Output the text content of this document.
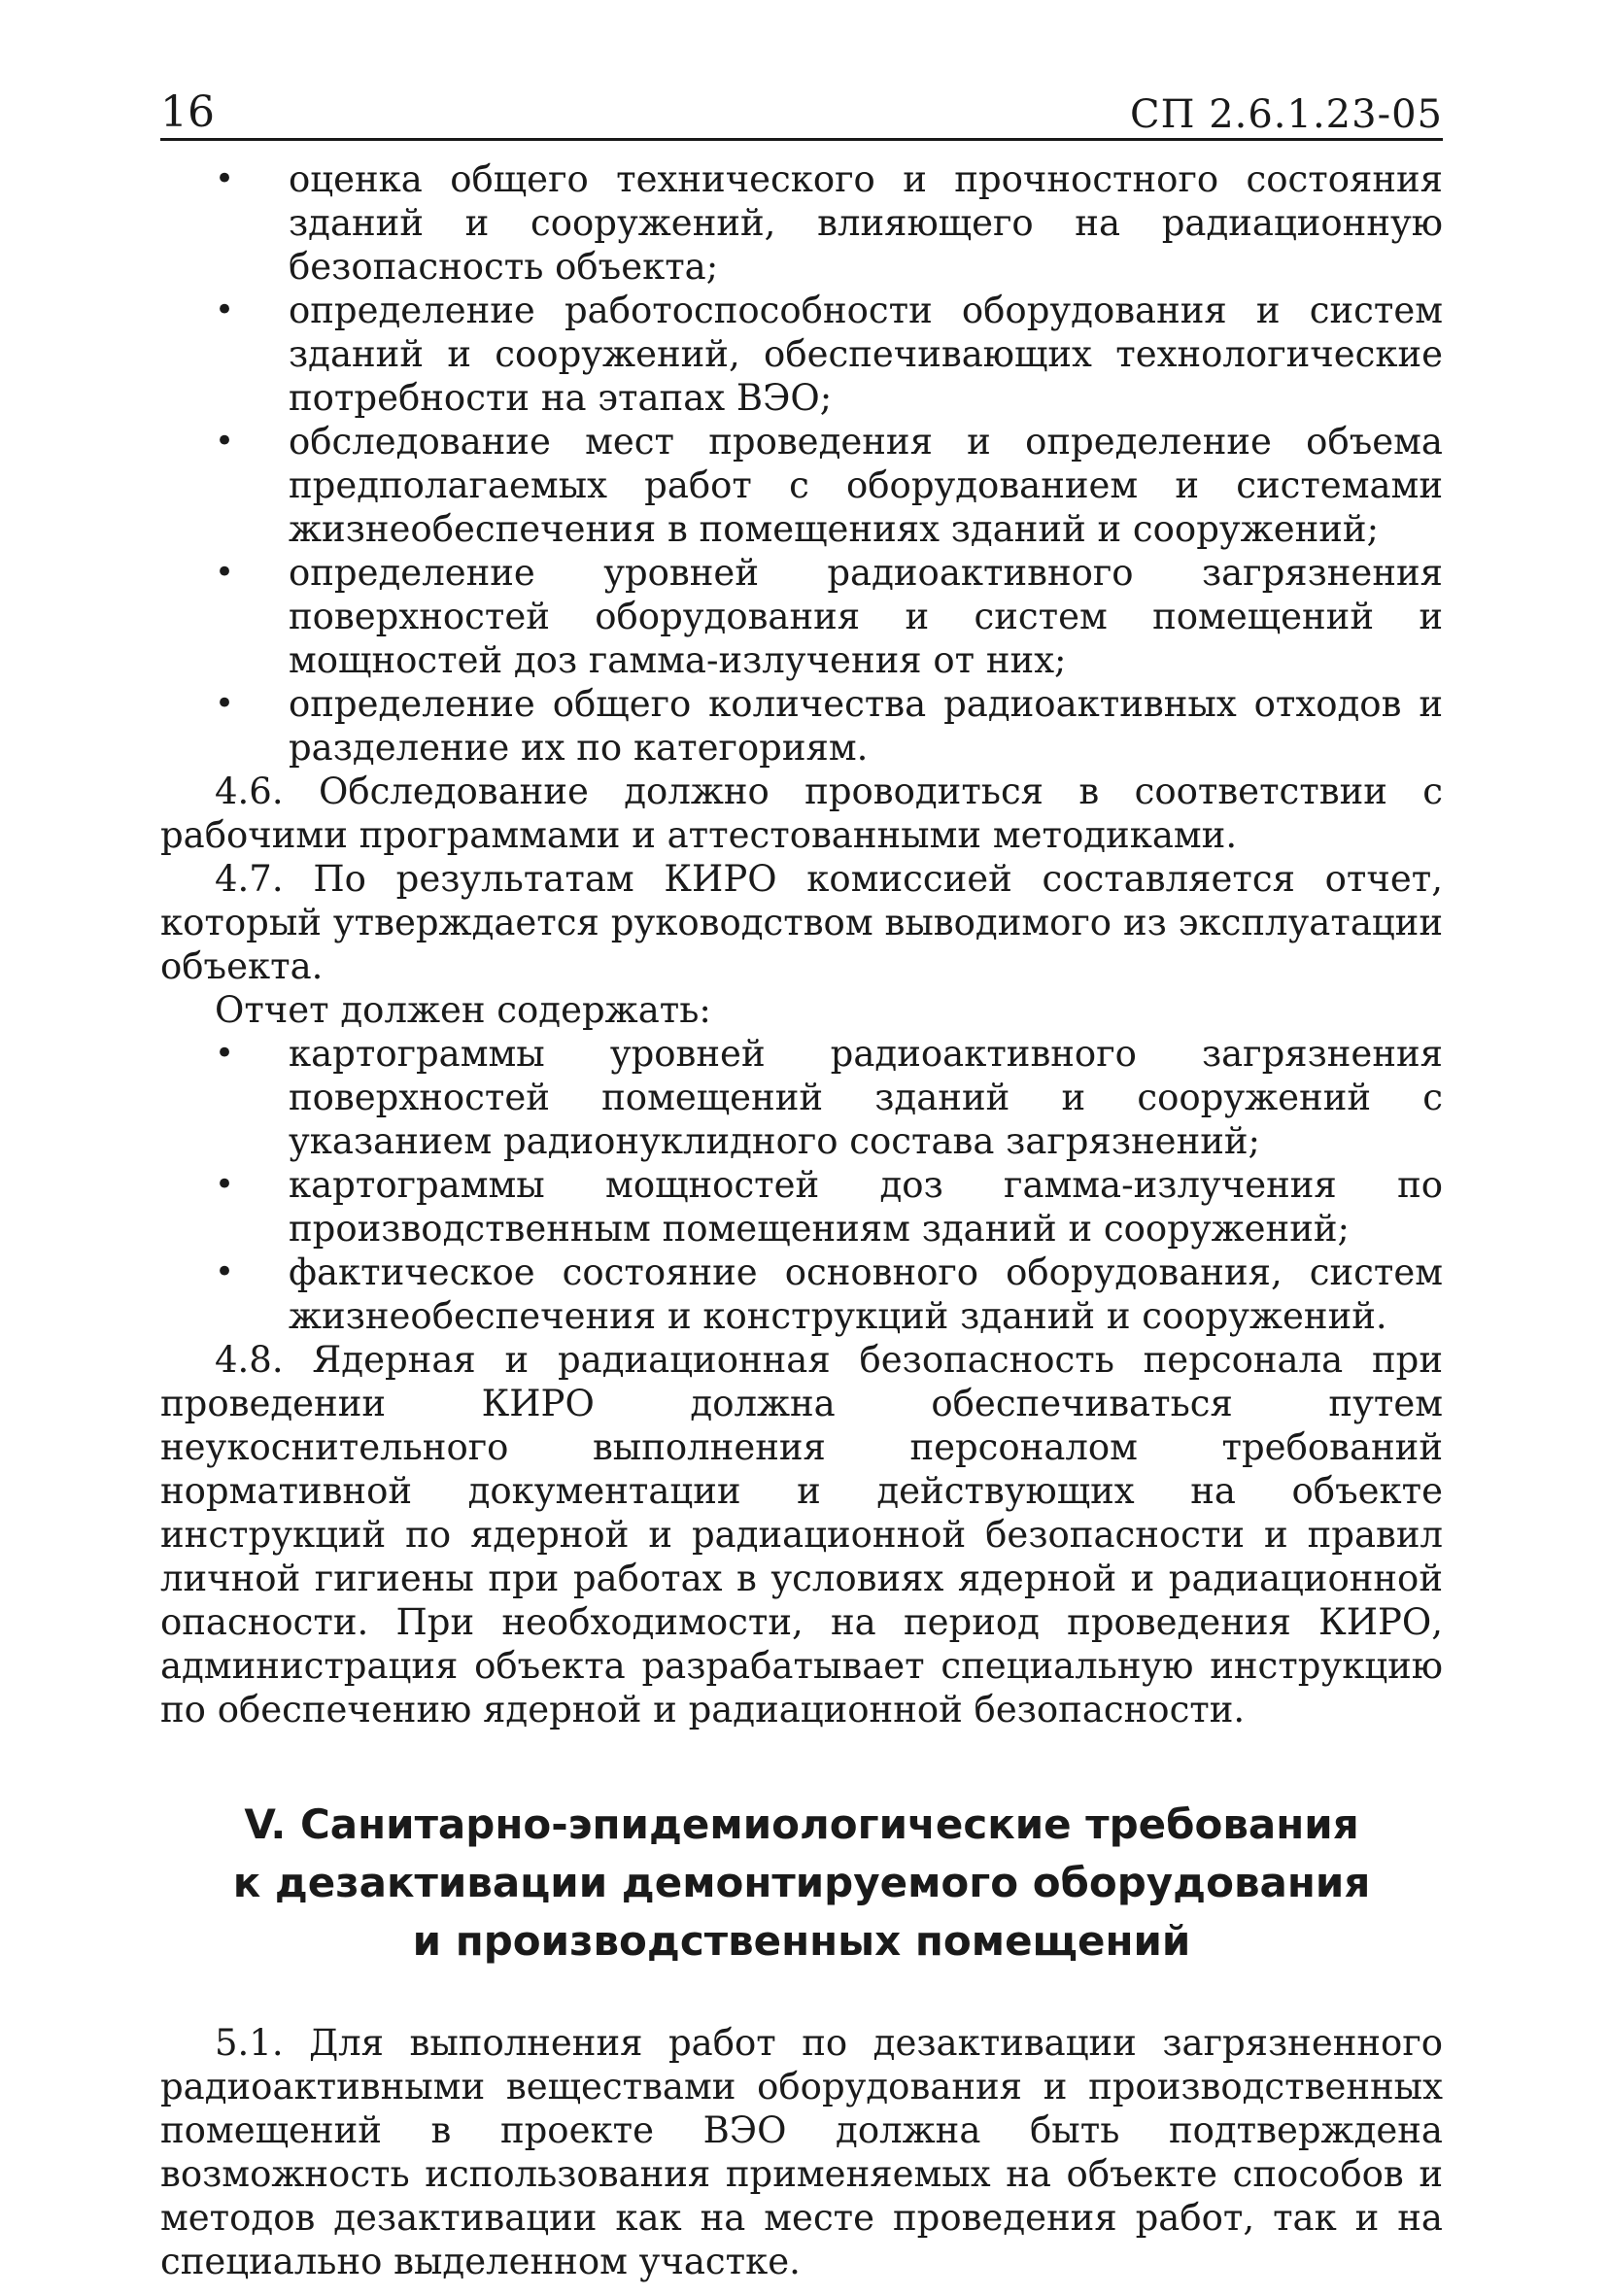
16	СП 2.6.1.23-05
• оценка общего технического и прочностного состояния зданий и сооружений, влияющего на радиационную безопасность объекта;
• определение работоспособности оборудования и систем зданий и сооружений, обеспечивающих технологические потребности на этапах ВЭО;
• обследование мест проведения и определение объема предполагаемых работ с оборудованием и системами жизнеобеспечения в помещениях зданий и сооружений;
• определение уровней радиоактивного загрязнения поверхностей оборудования и систем помещений и мощностей доз гамма-излучения от них;
• определение общего количества радиоактивных отходов и разделение их по категориям.

4.6. Обследование должно проводиться в соответствии с рабочими программами и аттестованными методиками.

4.7. По результатам КИРО комиссией составляется отчет, который утверждается руководством выводимого из эксплуатации объекта.

Отчет должен содержать:

• картограммы уровней радиоактивного загрязнения поверхностей помещений зданий и сооружений с указанием радионуклидного состава загрязнений;
• картограммы мощностей доз гамма-излучения по производственным помещениям зданий и сооружений;
• фактическое состояние основного оборудования, систем жизнеобеспечения и конструкций зданий и сооружений.

4.8. Ядерная и радиационная безопасность персонала при проведении КИРО должна обеспечиваться путем неукоснительного выполнения персоналом требований нормативной документации и действующих на объекте инструкций по ядерной и радиационной безопасности и правил личной гигиены при работах в условиях ядерной и радиационной опасности. При необходимости, на период проведения КИРО, администрация объекта разрабатывает специальную инструкцию по обеспечению ядерной и радиационной безопасности.

V. Санитарно-эпидемиологические требования
к дезактивации демонтируемого оборудования
и производственных помещений

5.1. Для выполнения работ по дезактивации загрязненного радиоактивными веществами оборудования и производственных помещений в проекте ВЭО должна быть подтверждена возможность использования применяемых на объекте способов и методов дезактивации как на месте проведения работ, так и на специально выделенном участке.
